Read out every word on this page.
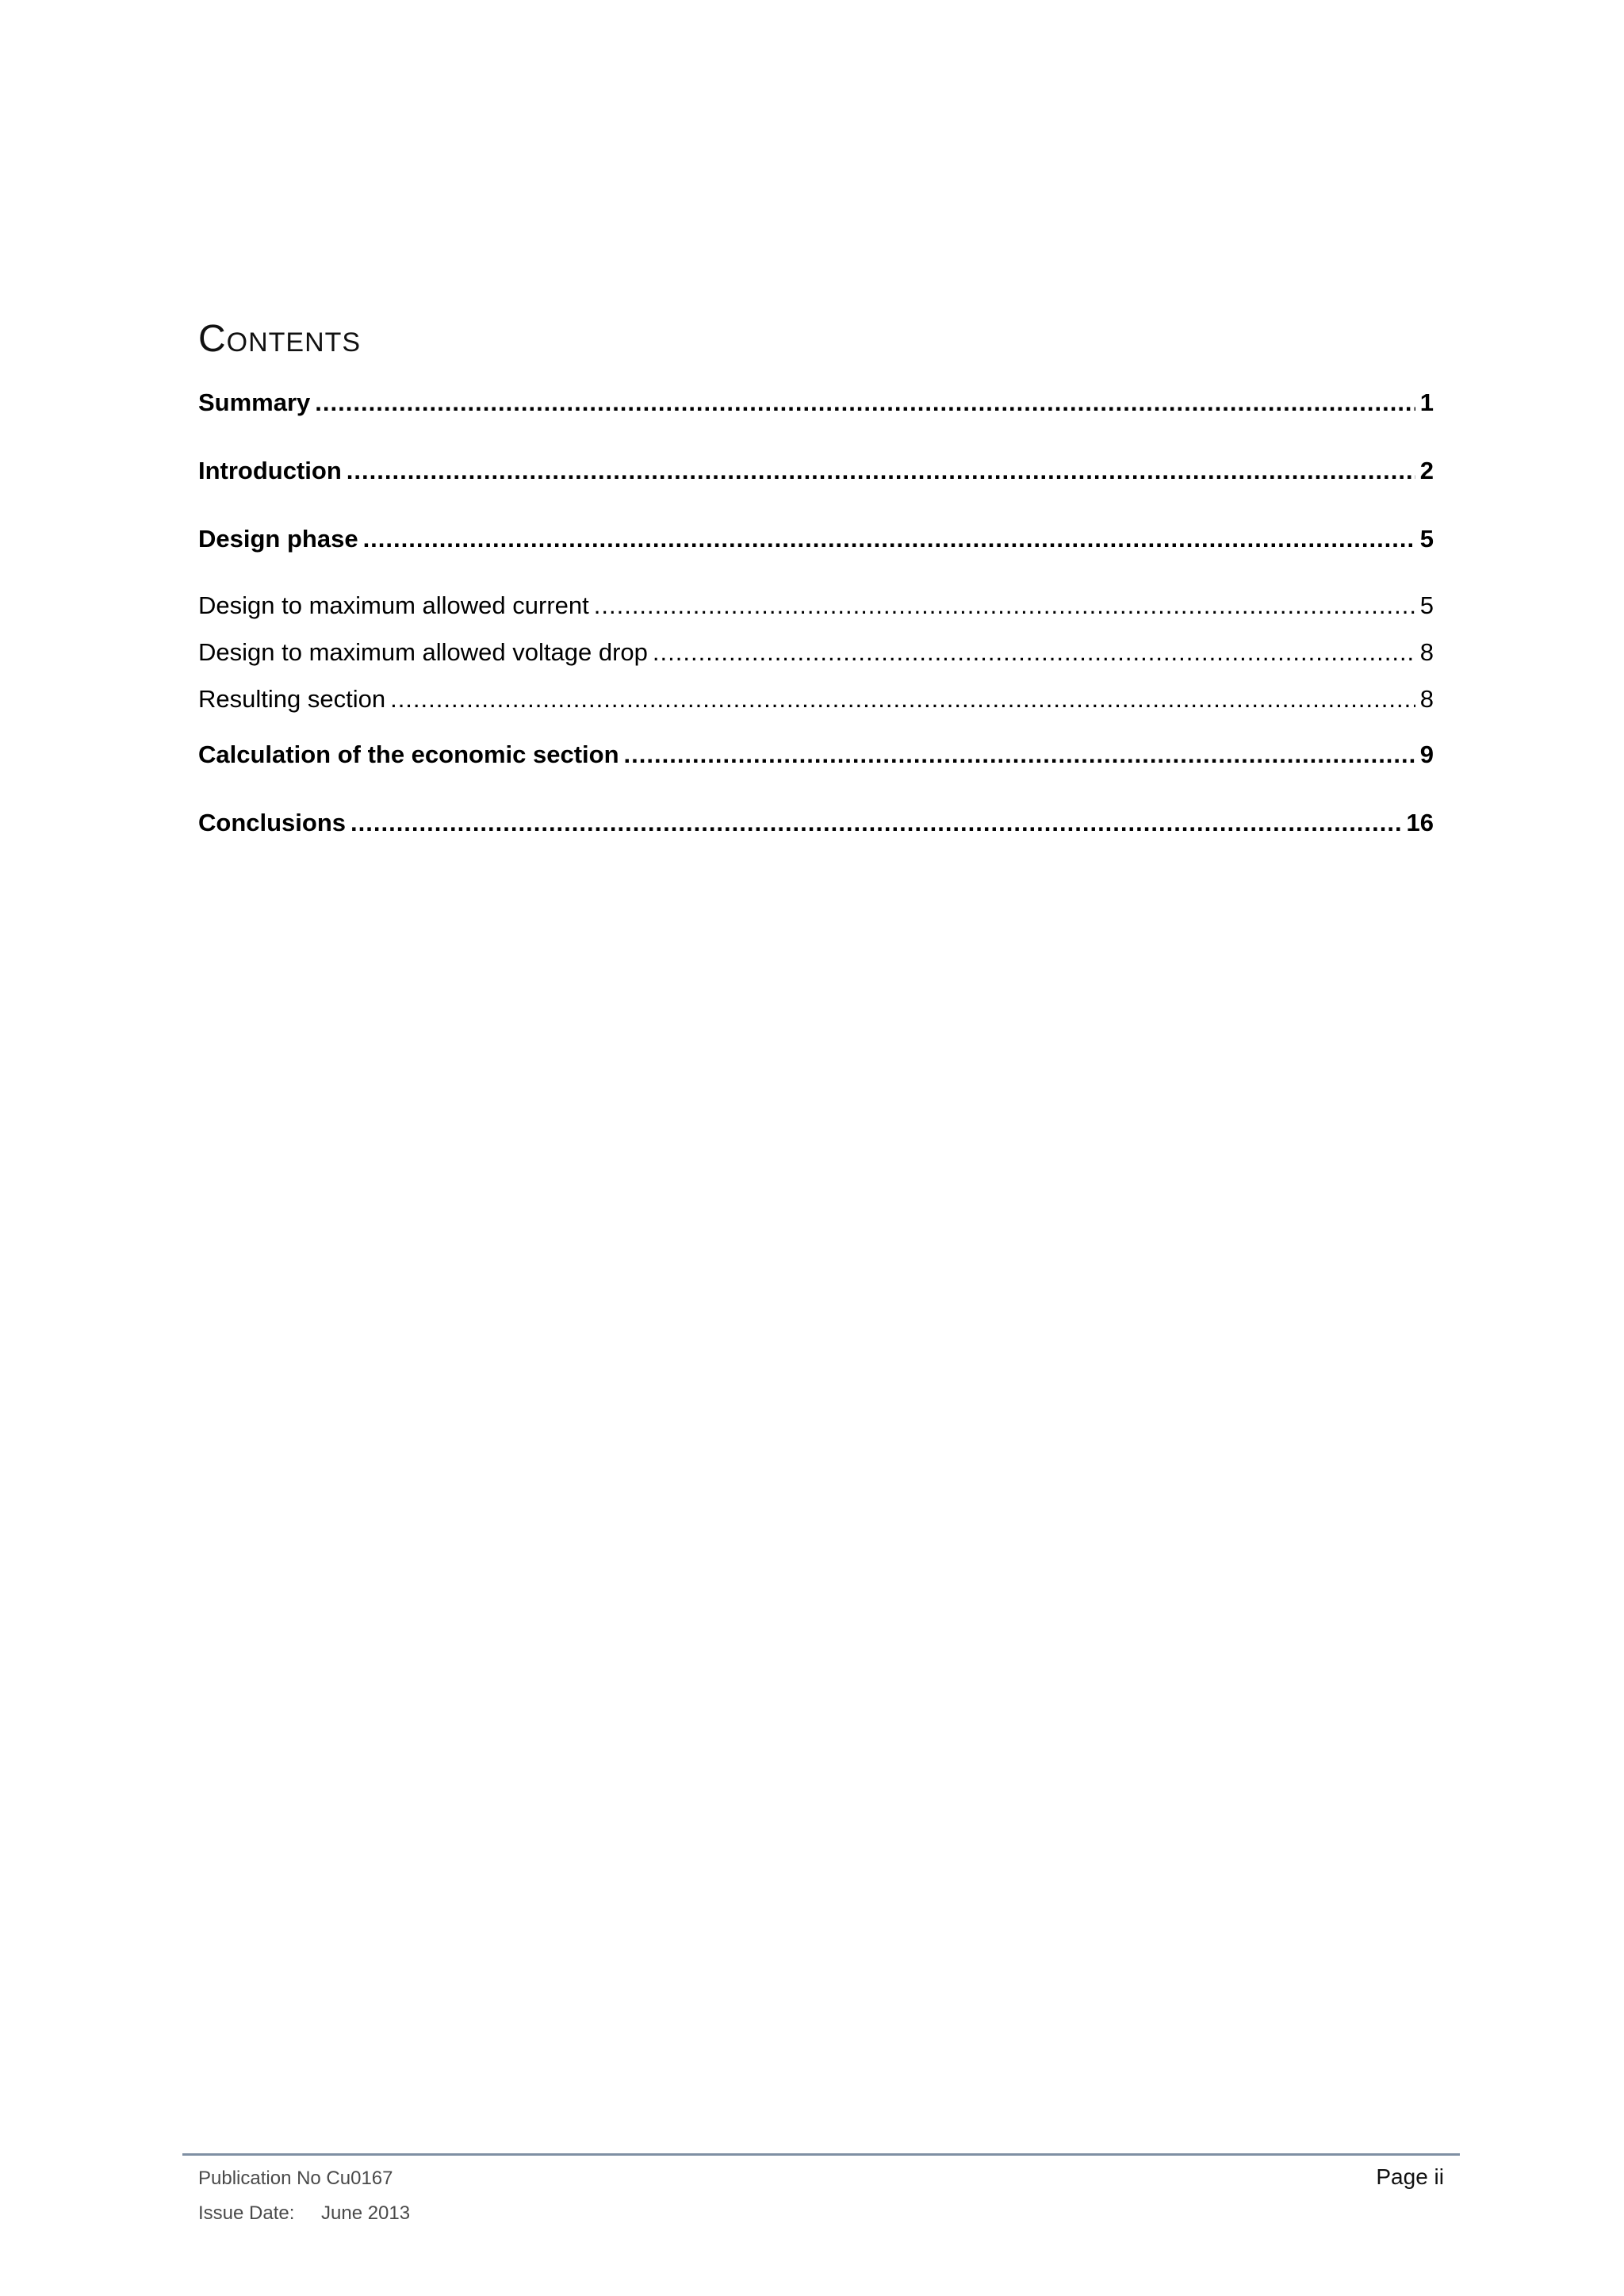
Contents
Summary .....	1
Introduction .....	2
Design phase .....	5
Design to maximum allowed current .....	5
Design to maximum allowed voltage drop .....	8
Resulting section .....	8
Calculation of the economic section .....	9
Conclusions .....	16
Publication No Cu0167
Issue Date: June 2013
Page ii
